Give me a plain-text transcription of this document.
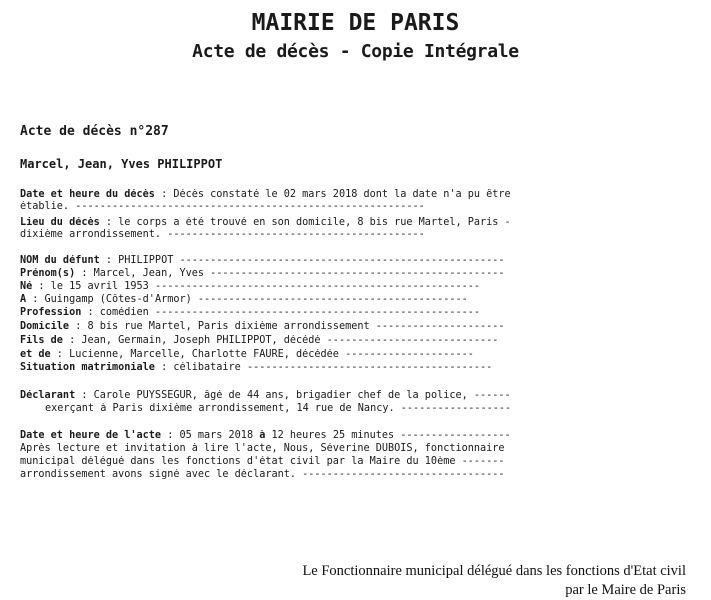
MAIRIE DE PARIS
Acte de décès - Copie Intégrale
Acte de décès n°287
Marcel, Jean, Yves PHILIPPOT
Date et heure du décès : Décès constaté le 02 mars 2018 dont la date n'a pu être
établie. ---------------------------------------------------------
Lieu du décès : le corps a été trouvé en son domicile, 8 bis rue Martel, Paris -
dixième arrondissement. ------------------------------------------
NOM du défunt : PHILIPPOT -----------------------------------------------------
Prénom(s) : Marcel, Jean, Yves ------------------------------------------------
Né : le 15 avril 1953 -----------------------------------------------------
À : Guingamp (Côtes-d'Armor) --------------------------------------------
Profession : comédien -----------------------------------------------------
Domicile : 8 bis rue Martel, Paris dixième arrondissement ---------------------
Fils de : Jean, Germain, Joseph PHILIPPOT, décédé ----------------------------
et de : Lucienne, Marcelle, Charlotte FAURE, décédée ---------------------
Situation matrimoniale : célibataire ----------------------------------------
Déclarant : Carole PUYSSEGUR, âgé de 44 ans, brigadier chef de la police, ------
exerçant à Paris dixième arrondissement, 14 rue de Nancy. ------------------
Date et heure de l'acte : 05 mars 2018 à 12 heures 25 minutes ------------------
Après lecture et invitation à lire l'acte, Nous, Séverine DUBOIS, fonctionnaire
municipal délégué dans les fonctions d'état civil par la Maire du 10ème -------
arrondissement avons signé avec le déclarant. ---------------------------------
Le Fonctionnaire municipal délégué dans les fonctions d'Etat civil
par le Maire de Paris
